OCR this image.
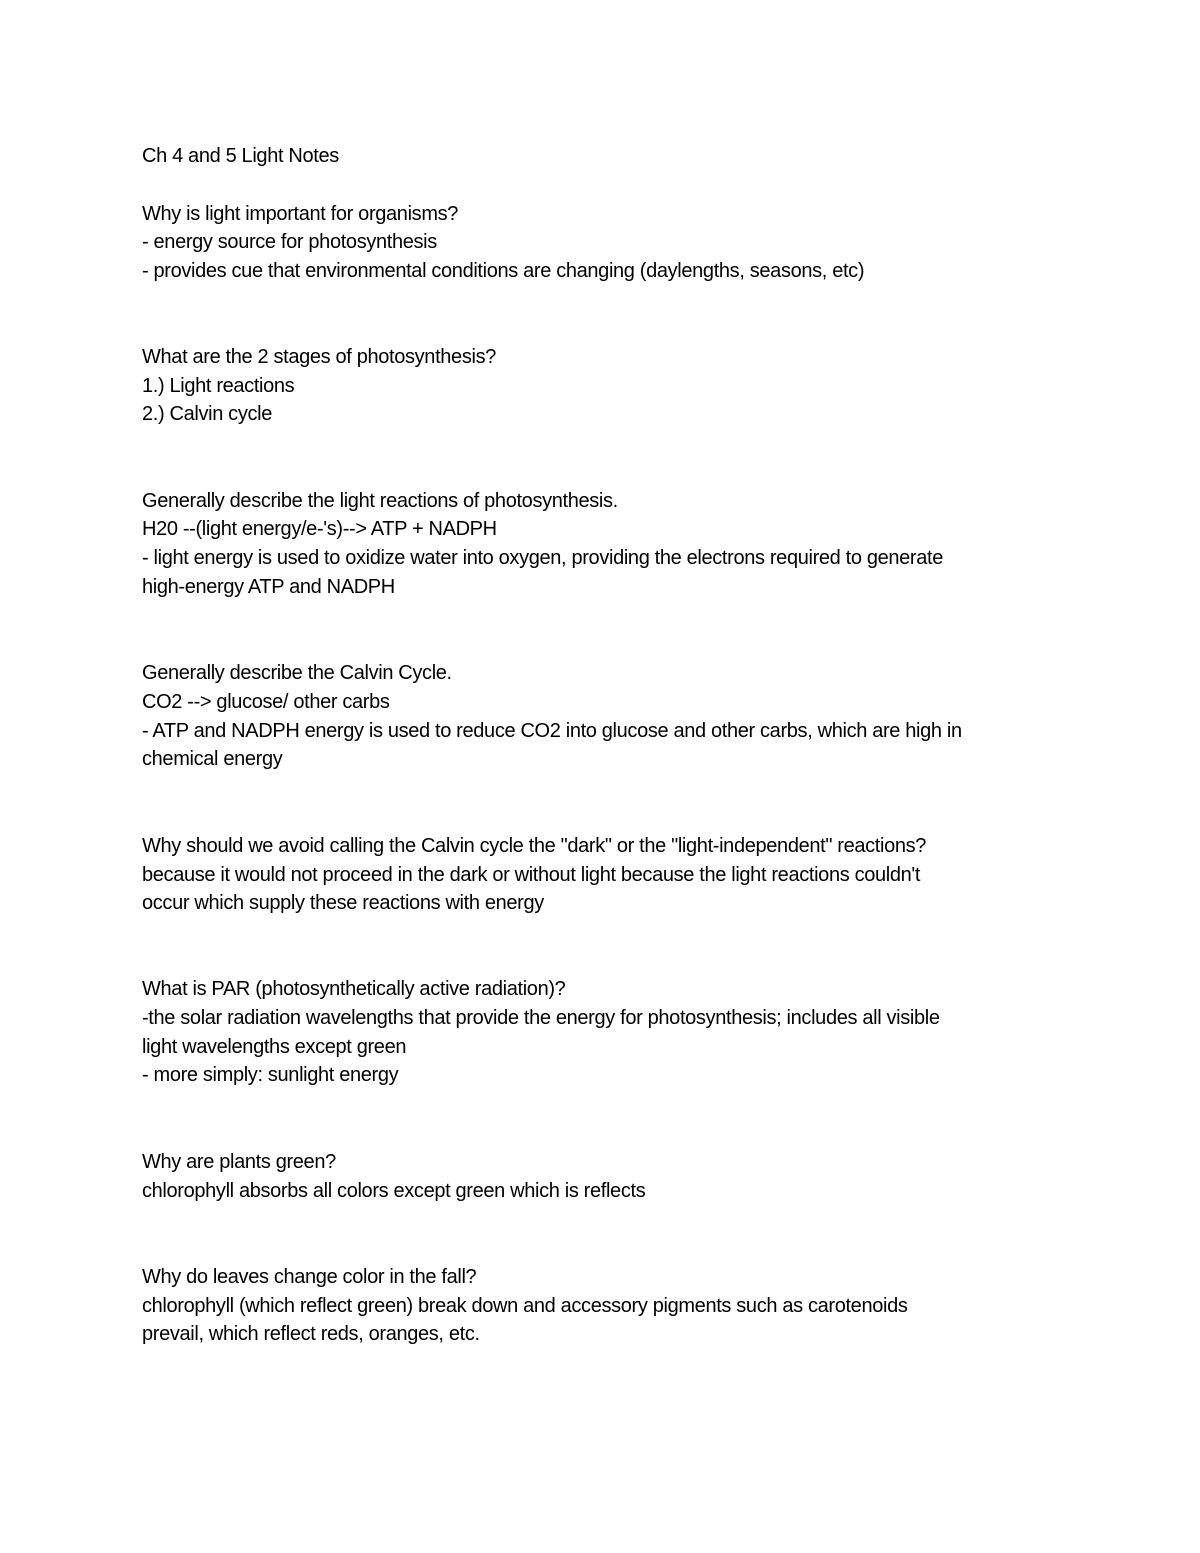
Ch 4 and 5 Light Notes
Why is light important for organisms?
- energy source for photosynthesis
- provides cue that environmental conditions are changing (daylengths, seasons, etc)
What are the 2 stages of photosynthesis?
1.) Light reactions
2.) Calvin cycle
Generally describe the light reactions of photosynthesis.
H20 --(light energy/e-'s)--> ATP + NADPH
- light energy is used to oxidize water into oxygen, providing the electrons required to generate
high-energy ATP and NADPH
Generally describe the Calvin Cycle.
CO2 --> glucose/ other carbs
- ATP and NADPH energy is used to reduce CO2 into glucose and other carbs, which are high in
chemical energy
Why should we avoid calling the Calvin cycle the "dark" or the "light-independent" reactions?
because it would not proceed in the dark or without light because the light reactions couldn't
occur which supply these reactions with energy
What is PAR (photosynthetically active radiation)?
-the solar radiation wavelengths that provide the energy for photosynthesis; includes all visible
light wavelengths except green
- more simply: sunlight energy
Why are plants green?
chlorophyll absorbs all colors except green which is reflects
Why do leaves change color in the fall?
chlorophyll (which reflect green) break down and accessory pigments such as carotenoids
prevail, which reflect reds, oranges, etc.
